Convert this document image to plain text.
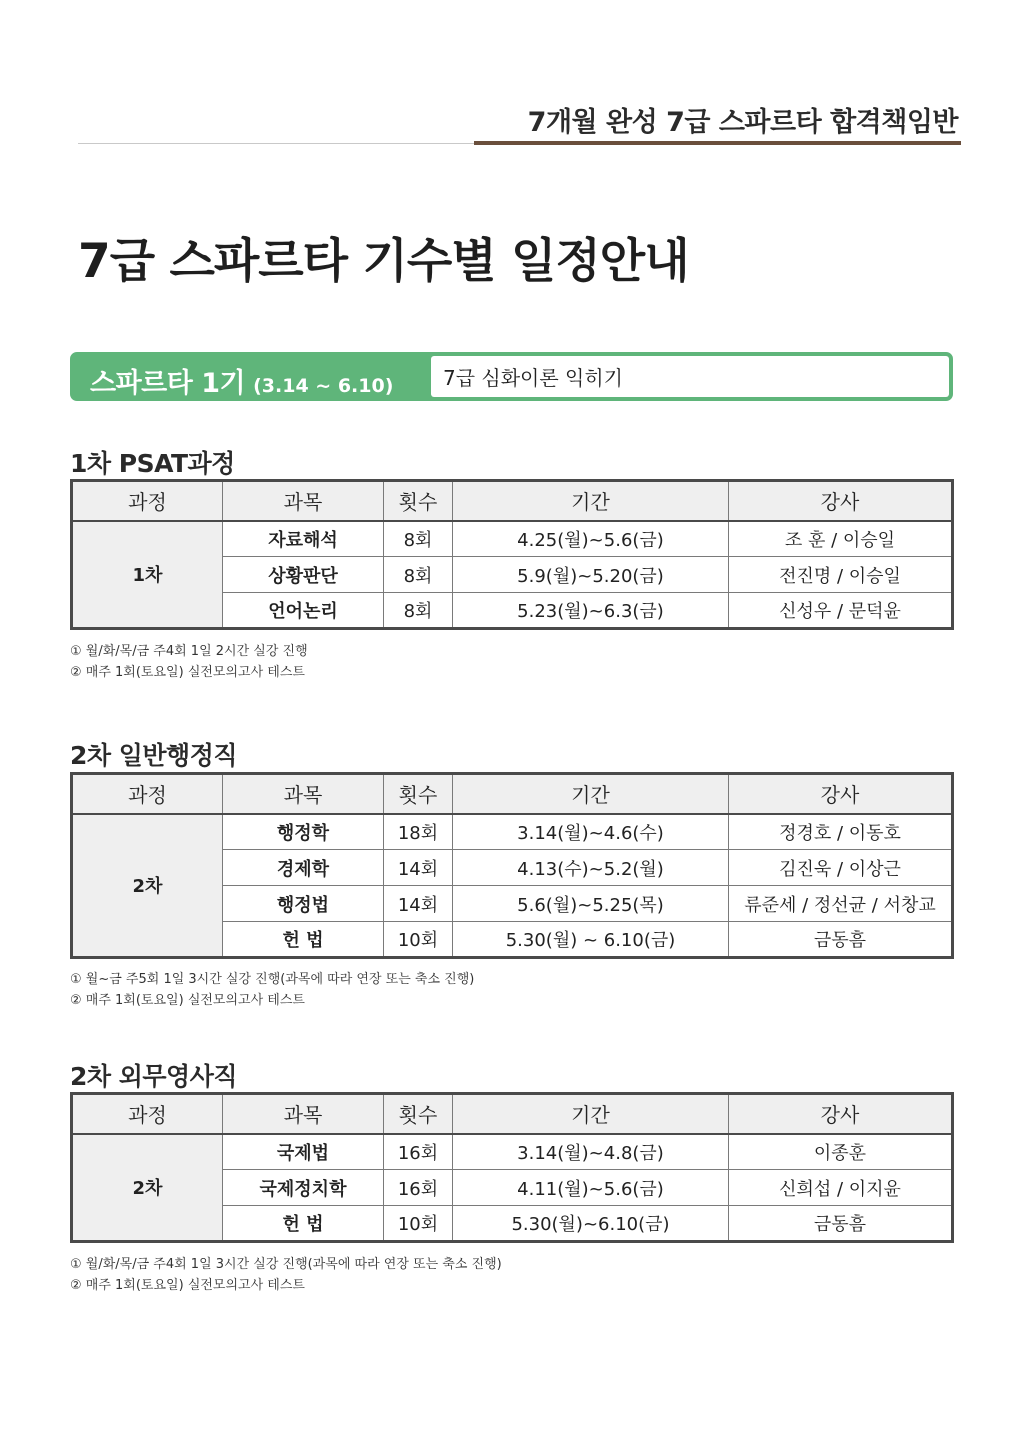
7개월 완성 7급 스파르타 합격책임반
7급 스파르타 기수별 일정안내
스파르타 1기 (3.14 ~ 6.10)	7급 심화이론 익히기
1차 PSAT과정
과정	과목	횟수	기간	강사
1차	자료해석	8회	4.25(월)~5.6(금)	조 훈 / 이승일
	상황판단	8회	5.9(월)~5.20(금)	전진명 / 이승일
	언어논리	8회	5.23(월)~6.3(금)	신성우 / 문덕윤
① 월/화/목/금 주4회 1일 2시간 실강 진행
② 매주 1회(토요일) 실전모의고사 테스트
2차 일반행정직
과정	과목	횟수	기간	강사
2차	행정학	18회	3.14(월)~4.6(수)	정경호 / 이동호
	경제학	14회	4.13(수)~5.2(월)	김진욱 / 이상근
	행정법	14회	5.6(월)~5.25(목)	류준세 / 정선균 / 서창교
	헌 법	10회	5.30(월) ~ 6.10(금)	금동흠
① 월~금 주5회 1일 3시간 실강 진행(과목에 따라 연장 또는 축소 진행)
② 매주 1회(토요일) 실전모의고사 테스트
2차 외무영사직
과정	과목	횟수	기간	강사
2차	국제법	16회	3.14(월)~4.8(금)	이종훈
	국제정치학	16회	4.11(월)~5.6(금)	신희섭 / 이지윤
	헌 법	10회	5.30(월)~6.10(금)	금동흠
① 월/화/목/금 주4회 1일 3시간 실강 진행(과목에 따라 연장 또는 축소 진행)
② 매주 1회(토요일) 실전모의고사 테스트
